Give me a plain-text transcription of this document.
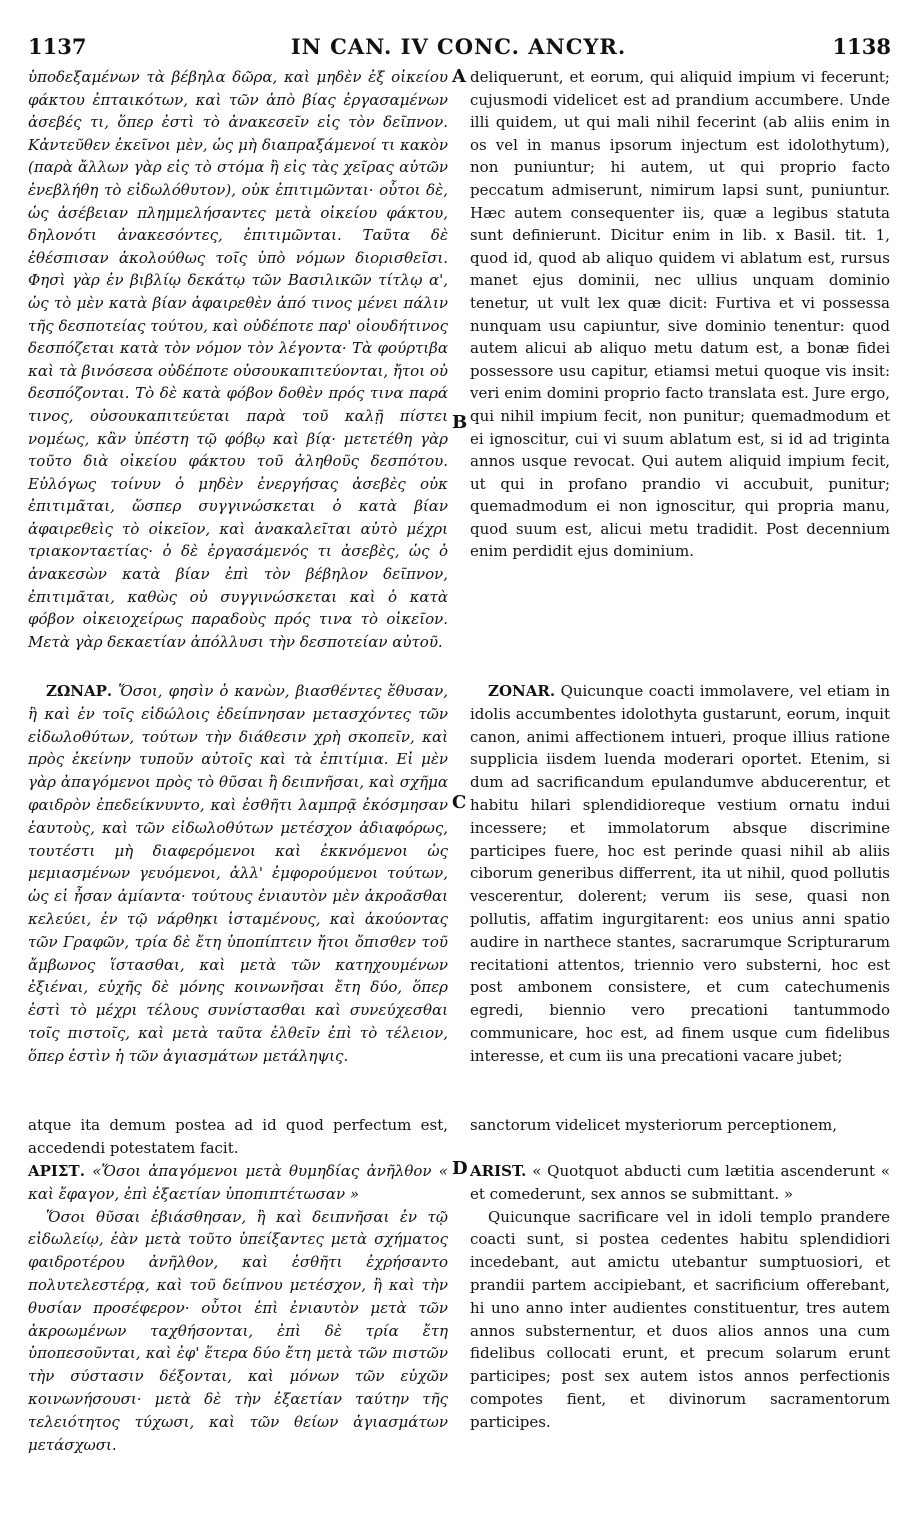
1137	IN CAN. IV CONC. ANCYR.	1138
A
B
C
D

ὑποδεξαμένων τὰ βέβηλα δῶρα, καὶ μηδὲν ἐξ οἰκείου φάκτου ἐπταικότων, καὶ τῶν ἀπὸ βίας ἐργασαμένων ἀσεβές τι, ὅπερ ἐστὶ τὸ ἀνακεσεῖν εἰς τὸν δεῖπνον. Κἀντεῦθεν ἐκεῖνοι μὲν, ὡς μὴ διαπραξάμενοί τι κακὸν (παρὰ ἄλλων γὰρ εἰς τὸ στόμα ἢ εἰς τὰς χεῖρας αὐτῶν ἐνεβλήθη τὸ εἰδωλόθυτον), οὐκ ἐπιτιμῶνται· οὗτοι δὲ, ὡς ἀσέβειαν πλημμελήσαντες μετὰ οἰκείου φάκτου, δηλονότι ἀνακεσόντες, ἐπιτιμῶνται. Ταῦτα δὲ ἐθέσπισαν ἀκολούθως τοῖς ὑπὸ νόμων διορισθεῖσι. Φησὶ γὰρ ἐν βιβλίῳ δεκάτῳ τῶν Βασιλικῶν τίτλῳ α', ὡς τὸ μὲν κατὰ βίαν ἀφαιρεθὲν ἀπό τινος μένει πάλιν τῆς δεσποτείας τούτου, καὶ οὐδέποτε παρ' οἱουδήτινος δεσπόζεται κατὰ τὸν νόμον τὸν λέγοντα· Τὰ φούρτιβα καὶ τὰ βινόσεσα οὐδέποτε οὐσουκαπιτεύονται, ἤτοι οὐ δεσπόζονται. Τὸ δὲ κατὰ φόβον δοθὲν πρός τινα παρά τινος, οὐσουκαπιτεύεται παρὰ τοῦ καλῇ πίστει νομέως, κἂν ὑπέστη τῷ φόβῳ καὶ βίᾳ· μετετέθη γὰρ τοῦτο διὰ οἰκείου φάκτου τοῦ ἀληθοῦς δεσπότου. Εὐλόγως τοίνυν ὁ μηδὲν ἐνεργήσας ἀσεβὲς οὐκ ἐπιτιμᾶται, ὥσπερ συγγινώσκεται ὁ κατὰ βίαν ἀφαιρεθεὶς τὸ οἰκεῖον, καὶ ἀνακαλεῖται αὐτὸ μέχρι τριακονταετίας· ὁ δὲ ἐργασάμενός τι ἀσεβὲς, ὡς ὁ ἀνακεσὼν κατὰ βίαν ἐπὶ τὸν βέβηλον δεῖπνον, ἐπιτιμᾶται, καθὼς οὐ συγγινώσκεται καὶ ὁ κατὰ φόβον οἰκειοχείρως παραδοὺς πρός τινα τὸ οἰκεῖον. Μετὰ γὰρ δεκαετίαν ἀπόλλυσι τὴν δεσποτείαν αὐτοῦ.

deliquerunt, et eorum, qui aliquid impium vi fecerunt; cujusmodi videlicet est ad prandium accumbere. Unde illi quidem, ut qui mali nihil fecerint (ab aliis enim in os vel in manus ipsorum injectum est idolothytum), non puniuntur; hi autem, ut qui proprio facto peccatum admiserunt, nimirum lapsi sunt, puniuntur. Hæc autem consequenter iis, quæ a legibus statuta sunt definierunt. Dicitur enim in lib. x Basil. tit. 1, quod id, quod ab aliquo quidem vi ablatum est, rursus manet ejus dominii, nec ullius unquam dominio tenetur, ut vult lex quæ dicit: Furtiva et vi possessa nunquam usu capiuntur, sive dominio tenentur: quod autem alicui ab aliquo metu datum est, a bonæ fidei possessore usu capitur, etiamsi metui quoque vis insit: veri enim domini proprio facto translata est. Jure ergo, qui nihil impium fecit, non punitur; quemadmodum et ei ignoscitur, cui vi suum ablatum est, si id ad triginta annos usque revocat. Qui autem aliquid impium fecit, ut qui in profano prandio vi accubuit, punitur; quemadmodum ei non ignoscitur, qui propria manu, quod suum est, alicui metu tradidit. Post decennium enim perdidit ejus dominium.

ΖΩΝΑΡ. Ὅσοι, φησὶν ὁ κανὼν, βιασθέντες ἔθυσαν, ἢ καὶ ἐν τοῖς εἰδώλοις ἐδείπνησαν μετασχόντες τῶν εἰδωλοθύτων, τούτων τὴν διάθεσιν χρὴ σκοπεῖν, καὶ πρὸς ἐκείνην τυποῦν αὐτοῖς καὶ τὰ ἐπιτίμια. Εἰ μὲν γὰρ ἀπαγόμενοι πρὸς τὸ θῦσαι ἢ δειπνῆσαι, καὶ σχῆμα φαιδρὸν ἐπεδείκνυντο, καὶ ἐσθῆτι λαμπρᾷ ἐκόσμησαν ἑαυτοὺς, καὶ τῶν εἰδωλοθύτων μετέσχον ἀδιαφόρως, τουτέστι μὴ διαφερόμενοι καὶ ἐκκνόμενοι ὡς μεμιασμένων γευόμενοι, ἀλλ' ἐμφορούμενοι τούτων, ὡς εἰ ἦσαν ἀμίαντα· τούτους ἐνιαυτὸν μὲν ἀκροᾶσθαι κελεύει, ἐν τῷ νάρθηκι ἱσταμένους, καὶ ἀκούοντας τῶν Γραφῶν, τρία δὲ ἔτη ὑποπίπτειν ἤτοι ὄπισθεν τοῦ ἄμβωνος ἵστασθαι, καὶ μετὰ τῶν κατηχουμένων ἐξιέναι, εὐχῆς δὲ μόνης κοινωνῆσαι ἔτη δύο, ὅπερ ἐστὶ τὸ μέχρι τέλους συνίστασθαι καὶ συνεύχεσθαι τοῖς πιστοῖς, καὶ μετὰ ταῦτα ἐλθεῖν ἐπὶ τὸ τέλειον, ὅπερ ἐστὶν ἡ τῶν ἁγιασμάτων μετάληψις.

ZONAR. Quicunque coacti immolavere, vel etiam in idolis accumbentes idolothyta gustarunt, eorum, inquit canon, animi affectionem intueri, proque illius ratione supplicia iisdem luenda moderari oportet. Etenim, si dum ad sacrificandum epulandumve abducerentur, et habitu hilari splendidioreque vestium ornatu indui incessere; et immolatorum absque discrimine participes fuere, hoc est perinde quasi nihil ab aliis ciborum generibus differrent, ita ut nihil, quod pollutis vescerentur, dolerent; verum iis sese, quasi non pollutis, affatim ingurgitarent: eos unius anni spatio audire in narthece stantes, sacrarumque Scripturarum recitationi attentos, triennio vero substerni, hoc est post ambonem consistere, et cum catechumenis egredi, biennio vero precationi tantummodo communicare, hoc est, ad finem usque cum fidelibus interesse, et cum iis una precationi vacare jubet;

atque ita demum postea ad id quod perfectum est, accedendi potestatem facit.

sanctorum videlicet mysteriorum perceptionem,

ΑΡΙΣΤ. «Ὅσοι ἀπαγόμενοι μετὰ θυμηδίας ἀνῆλθον « καὶ ἔφαγον, ἐπὶ ἐξαετίαν ὑποπιπτέτωσαν »

Ὅσοι θῦσαι ἐβιάσθησαν, ἢ καὶ δειπνῆσαι ἐν τῷ εἰδωλείῳ, ἐὰν μετὰ τοῦτο ὑπείξαντες μετὰ σχήματος φαιδροτέρου ἀνῆλθον, καὶ ἐσθῆτι ἐχρήσαντο πολυτελεστέρᾳ, καὶ τοῦ δείπνου μετέσχον, ἢ καὶ τὴν θυσίαν προσέφερον· οὗτοι ἐπὶ ἐνιαυτὸν μετὰ τῶν ἀκροωμένων ταχθήσονται, ἐπὶ δὲ τρία ἔτη ὑποπεσοῦνται, καὶ ἐφ' ἕτερα δύο ἔτη μετὰ τῶν πιστῶν τὴν σύστασιν δέξονται, καὶ μόνων τῶν εὐχῶν κοινωνήσουσι· μετὰ δὲ τὴν ἐξαετίαν ταύτην τῆς τελειότητος τύχωσι, καὶ τῶν θείων ἁγιασμάτων μετάσχωσι.

ARIST. « Quotquot abducti cum lætitia ascenderunt « et comederunt, sex annos se submittant. »

Quicunque sacrificare vel in idoli templo prandere coacti sunt, si postea cedentes habitu splendidiori incedebant, aut amictu utebantur sumptuosiori, et prandii partem accipiebant, et sacrificium offerebant, hi uno anno inter audientes constituentur, tres autem annos substernentur, et duos alios annos una cum fidelibus collocati erunt, et precum solarum erunt participes; post sex autem istos annos perfectionis compotes fient, et divinorum sacramentorum participes.
